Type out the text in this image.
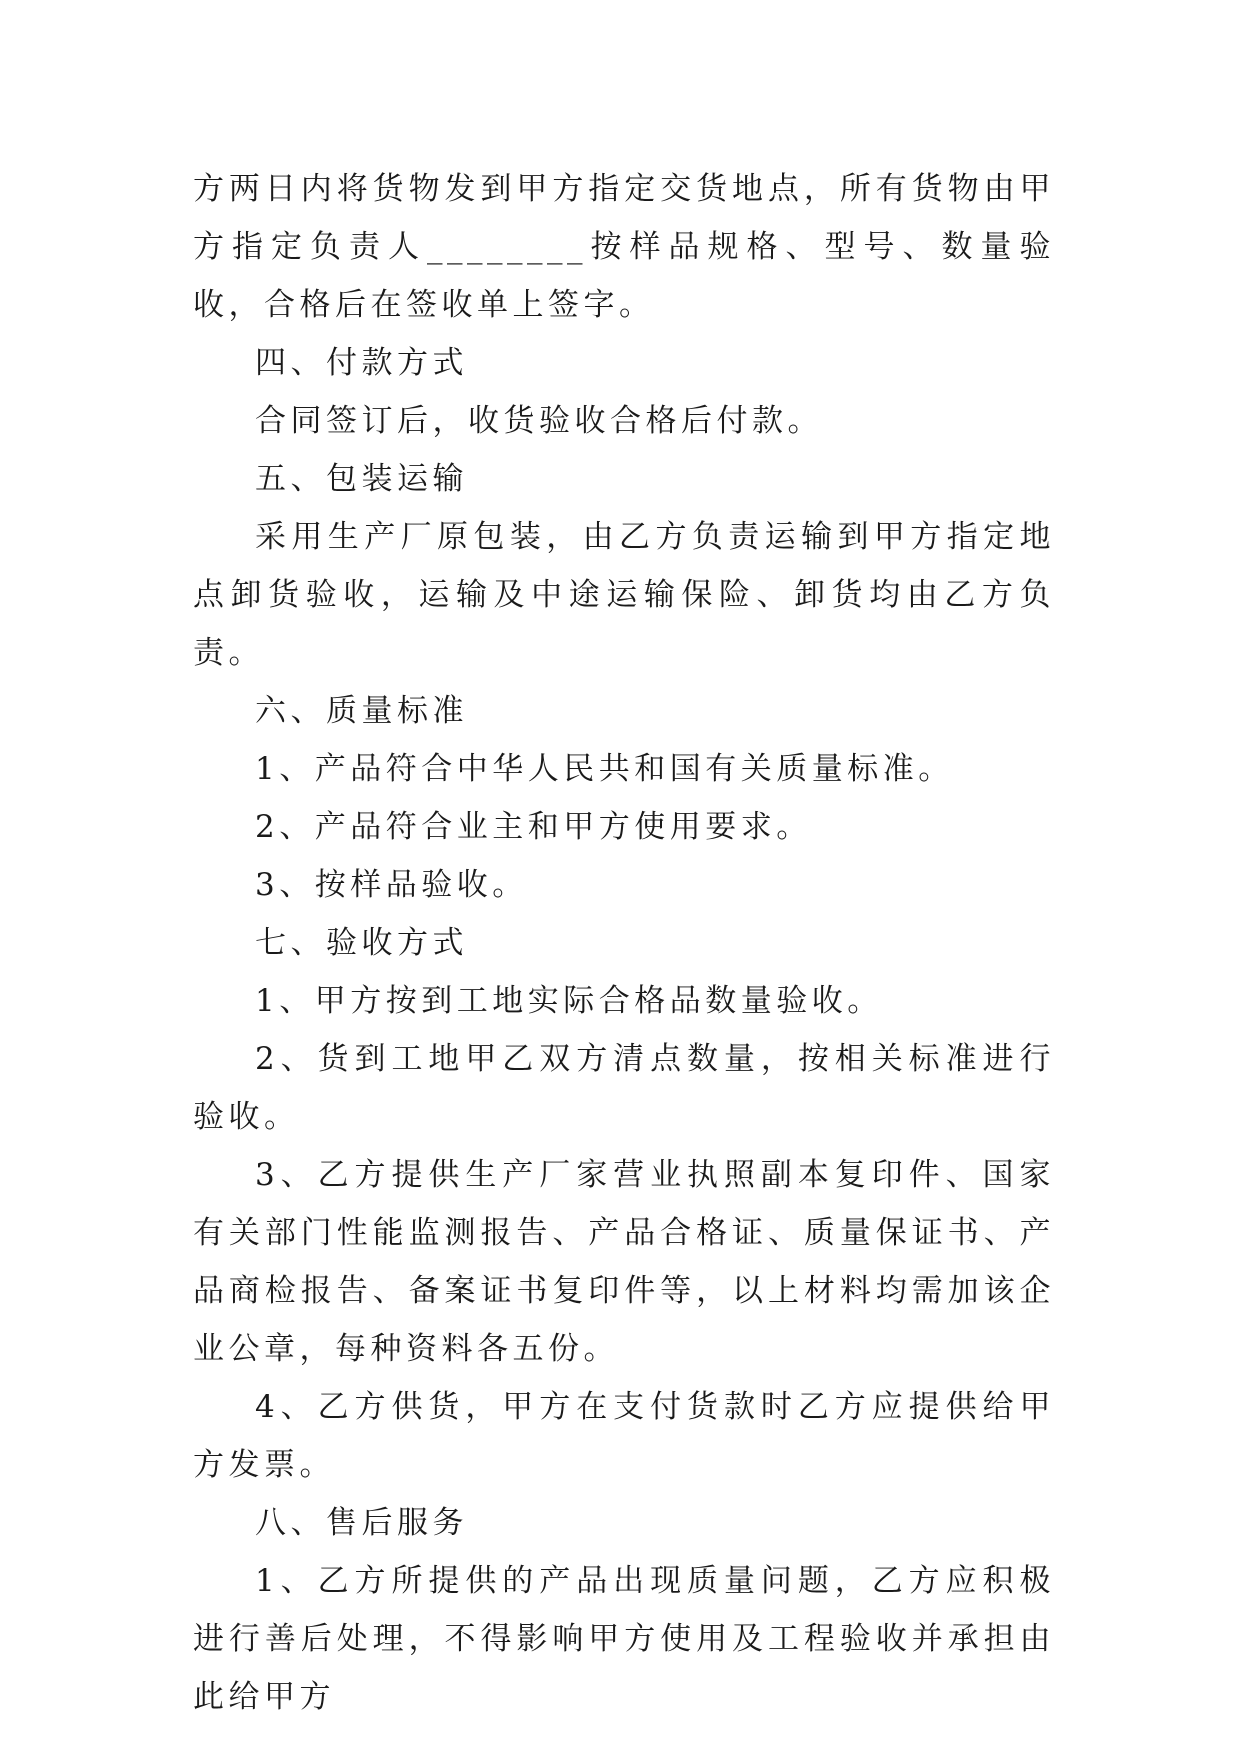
方两日内将货物发到甲方指定交货地点，所有货物由甲方指定负责人________按样品规格、型号、数量验收，合格后在签收单上签字。

四、付款方式

合同签订后，收货验收合格后付款。

五、包装运输

采用生产厂原包装，由乙方负责运输到甲方指定地点卸货验收，运输及中途运输保险、卸货均由乙方负责。

六、质量标准

1、产品符合中华人民共和国有关质量标准。

2、产品符合业主和甲方使用要求。

3、按样品验收。

七、验收方式

1、甲方按到工地实际合格品数量验收。

2、货到工地甲乙双方清点数量，按相关标准进行验收。

3、乙方提供生产厂家营业执照副本复印件、国家有关部门性能监测报告、产品合格证、质量保证书、产品商检报告、备案证书复印件等，以上材料均需加该企业公章，每种资料各五份。

4、乙方供货，甲方在支付货款时乙方应提供给甲方发票。

八、售后服务

1、乙方所提供的产品出现质量问题，乙方应积极进行善后处理，不得影响甲方使用及工程验收并承担由此给甲方
